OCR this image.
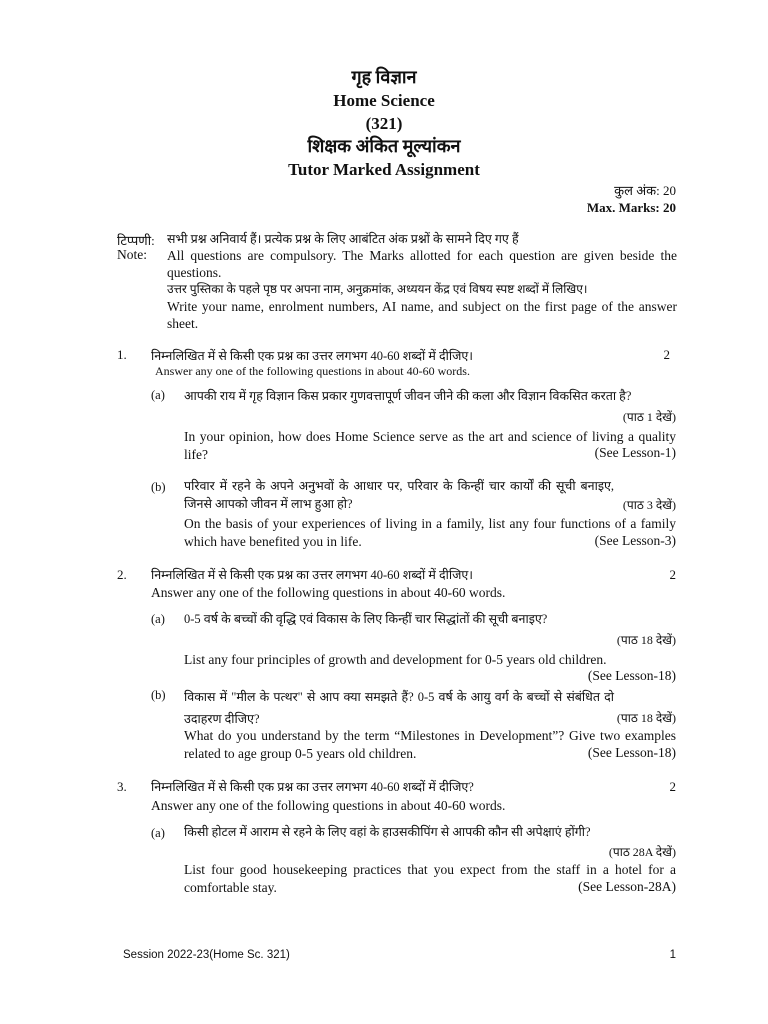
गृह विज्ञान
Home Science
(321)
शिक्षक अंकित मूल्यांकन
Tutor Marked Assignment
कुल अंक: 20
Max. Marks: 20
टिप्पणी: सभी प्रश्न अनिवार्य हैं। प्रत्येक प्रश्न के लिए आबंटित अंक प्रश्नों के सामने दिए गए हैं
Note: All questions are compulsory. The Marks allotted for each question are given beside the questions.
उत्तर पुस्तिका के पहले पृष्ठ पर अपना नाम, अनुक्रमांक, अध्ययन केंद्र एवं विषय स्पष्ट शब्दों में लिखिए।
Write your name, enrolment numbers, AI name, and subject on the first page of the answer sheet.
1. निम्नलिखित में से किसी एक प्रश्न का उत्तर लगभग 40-60 शब्दों में दीजिए।	2
Answer any one of the following questions in about 40-60 words.
(a) आपकी राय में गृह विज्ञान किस प्रकार गुणवत्तापूर्ण जीवन जीने की कला और विज्ञान विकसित करता है?
(पाठ 1 देखें)
In your opinion, how does Home Science serve as the art and science of living a quality life?	(See Lesson-1)
(b) परिवार में रहने के अपने अनुभवों के आधार पर, परिवार के किन्हीं चार कार्यों की सूची बनाइए, जिनसे आपको जीवन में लाभ हुआ हो?	(पाठ 3 देखें)
On the basis of your experiences of living in a family, list any four functions of a family which have benefited you in life.	(See Lesson-3)
2. निम्नलिखित में से किसी एक प्रश्न का उत्तर लगभग 40-60 शब्दों में दीजिए।	2
Answer any one of the following questions in about 40-60 words.
(a) 0-5 वर्ष के बच्चों की वृद्धि एवं विकास के लिए किन्हीं चार सिद्धांतों की सूची बनाइए?
(पाठ 18 देखें)
List any four principles of growth and development for 0-5 years old children.
(See Lesson-18)
(b) विकास में "मील के पत्थर" से आप क्या समझते हैं? 0-5 वर्ष के आयु वर्ग के बच्चों से संबंधित दो उदाहरण दीजिए?	(पाठ 18 देखें)
What do you understand by the term “Milestones in Development”? Give two examples related to age group 0-5 years old children.	(See Lesson-18)
3. निम्नलिखित में से किसी एक प्रश्न का उत्तर लगभग 40-60 शब्दों में दीजिए?	2
Answer any one of the following questions in about 40-60 words.
(a) किसी होटल में आराम से रहने के लिए वहां के हाउसकीपिंग से आपकी कौन सी अपेक्षाएं होंगी?
(पाठ 28A देखें)
List four good housekeeping practices that you expect from the staff in a hotel for a comfortable stay.	(See Lesson-28A)
Session 2022-23(Home Sc. 321)	1
